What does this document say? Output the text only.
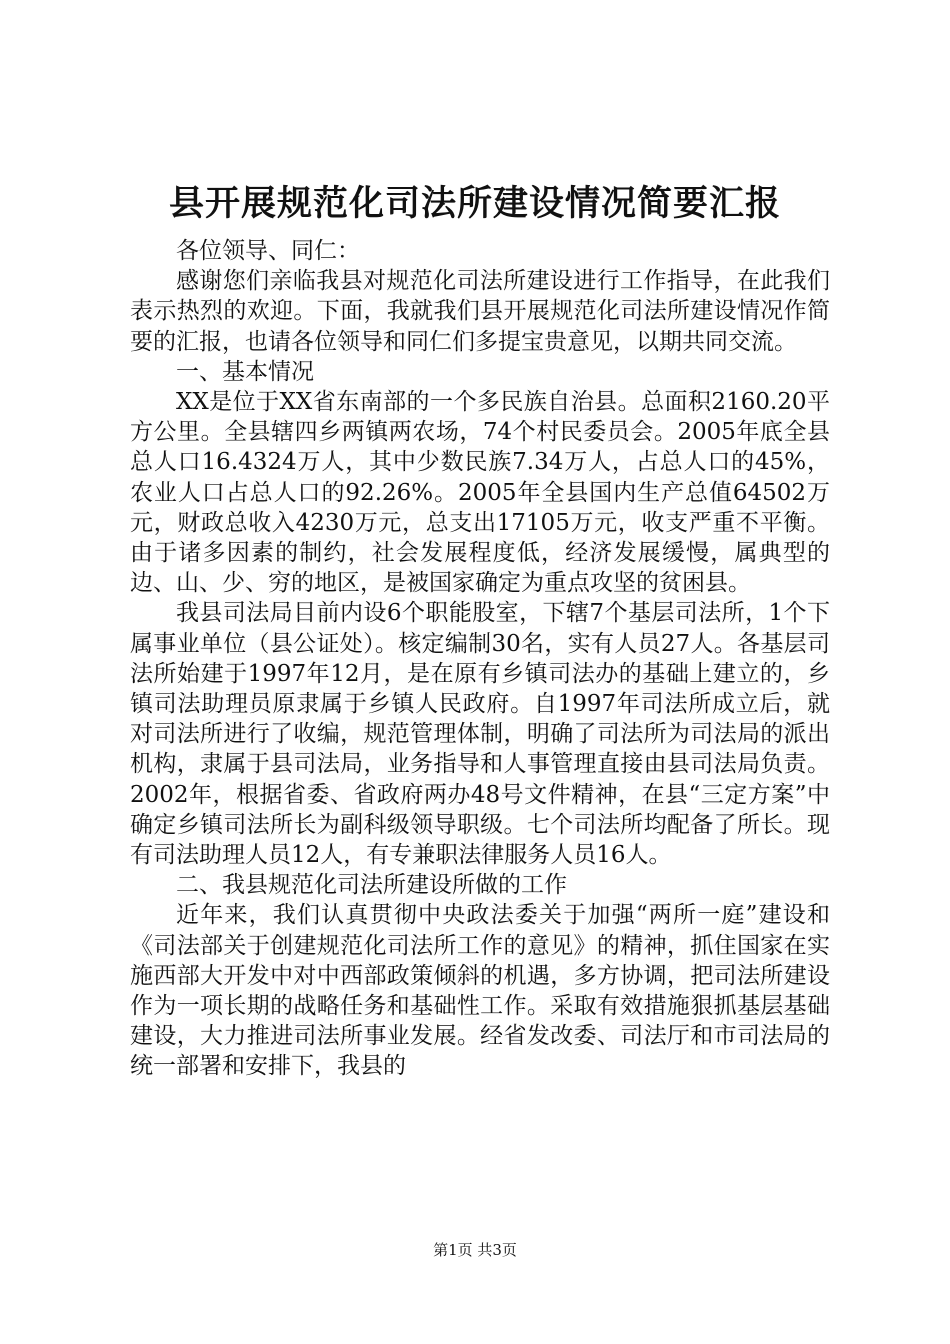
县开展规范化司法所建设情况简要汇报

各位领导、同仁：

感谢您们亲临我县对规范化司法所建设进行工作指导，在此我们表示热烈的欢迎。下面，我就我们县开展规范化司法所建设情况作简要的汇报，也请各位领导和同仁们多提宝贵意见，以期共同交流。

一、基本情况

XX是位于XX省东南部的一个多民族自治县。总面积2160.20平方公里。全县辖四乡两镇两农场，74个村民委员会。2005年底全县总人口16.4324万人，其中少数民族7.34万人，占总人口的45%，农业人口占总人口的92.26%。2005年全县国内生产总值64502万元，财政总收入4230万元，总支出17105万元，收支严重不平衡。由于诸多因素的制约，社会发展程度低，经济发展缓慢，属典型的边、山、少、穷的地区，是被国家确定为重点攻坚的贫困县。

我县司法局目前内设6个职能股室，下辖7个基层司法所，1个下属事业单位（县公证处）。核定编制30名，实有人员27人。各基层司法所始建于1997年12月，是在原有乡镇司法办的基础上建立的，乡镇司法助理员原隶属于乡镇人民政府。自1997年司法所成立后，就对司法所进行了收编，规范管理体制，明确了司法所为司法局的派出机构，隶属于县司法局，业务指导和人事管理直接由县司法局负责。2002年，根据省委、省政府两办48号文件精神，在县“三定方案”中确定乡镇司法所长为副科级领导职级。七个司法所均配备了所长。现有司法助理人员12人，有专兼职法律服务人员16人。

二、我县规范化司法所建设所做的工作

近年来，我们认真贯彻中央政法委关于加强“两所一庭”建设和《司法部关于创建规范化司法所工作的意见》的精神，抓住国家在实施西部大开发中对中西部政策倾斜的机遇，多方协调，把司法所建设作为一项长期的战略任务和基础性工作。采取有效措施狠抓基层基础建设，大力推进司法所事业发展。经省发改委、司法厅和市司法局的统一部署和安排下，我县的

第1页 共3页
